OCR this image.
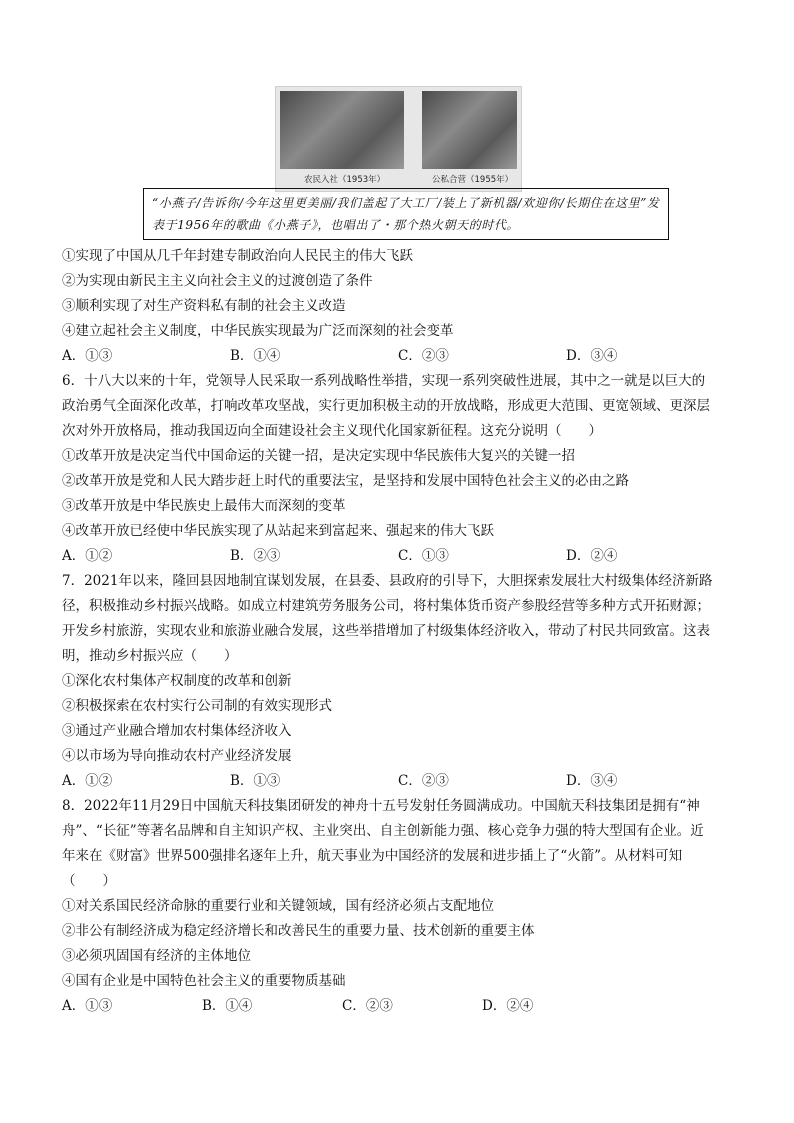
农民入社（1953年）	公私合营（1955年）
“小燕子/告诉你/今年这里更美丽/我们盖起了大工厂/装上了新机器/欢迎你/长期住在这里”发表于1956年的歌曲《小燕子》，也唱出了・那个热火朝天的时代。
①实现了中国从几千年封建专制政治向人民民主的伟大飞跃
②为实现由新民主主义向社会主义的过渡创造了条件
③顺利实现了对生产资料私有制的社会主义改造
④建立起社会主义制度，中华民族实现最为广泛而深刻的社会变革
A．①③	B．①④	C．②③	D．③④
6．十八大以来的十年，党领导人民采取一系列战略性举措，实现一系列突破性进展，其中之一就是以巨大的
政治勇气全面深化改革，打响改革攻坚战，实行更加积极主动的开放战略，形成更大范围、更宽领域、更深层
次对外开放格局，推动我国迈向全面建设社会主义现代化国家新征程。这充分说明（　　）
①改革开放是决定当代中国命运的关键一招，是决定实现中华民族伟大复兴的关键一招
②改革开放是党和人民大踏步赶上时代的重要法宝，是坚持和发展中国特色社会主义的必由之路
③改革开放是中华民族史上最伟大而深刻的变革
④改革开放已经使中华民族实现了从站起来到富起来、强起来的伟大飞跃
A．①②	B．②③	C．①③	D．②④
7．2021年以来，隆回县因地制宜谋划发展，在县委、县政府的引导下，大胆探索发展壮大村级集体经济新路
径，积极推动乡村振兴战略。如成立村建筑劳务服务公司，将村集体货币资产参股经营等多种方式开拓财源；
开发乡村旅游，实现农业和旅游业融合发展，这些举措增加了村级集体经济收入，带动了村民共同致富。这表
明，推动乡村振兴应（　　）
①深化农村集体产权制度的改革和创新
②积极探索在农村实行公司制的有效实现形式
③通过产业融合增加农村集体经济收入
④以市场为导向推动农村产业经济发展
A．①②	B．①③	C．②③	D．③④
8．2022年11月29日中国航天科技集团研发的神舟十五号发射任务圆满成功。中国航天科技集团是拥有“神
舟”、“长征”等著名品牌和自主知识产权、主业突出、自主创新能力强、核心竞争力强的特大型国有企业。近
年来在《财富》世界500强排名逐年上升，航天事业为中国经济的发展和进步插上了“火箭”。从材料可知
（　　）
①对关系国民经济命脉的重要行业和关键领域，国有经济必须占支配地位
②非公有制经济成为稳定经济增长和改善民生的重要力量、技术创新的重要主体
③必须巩固国有经济的主体地位
④国有企业是中国特色社会主义的重要物质基础
A．①③	B．①④	C．②③	D．②④
